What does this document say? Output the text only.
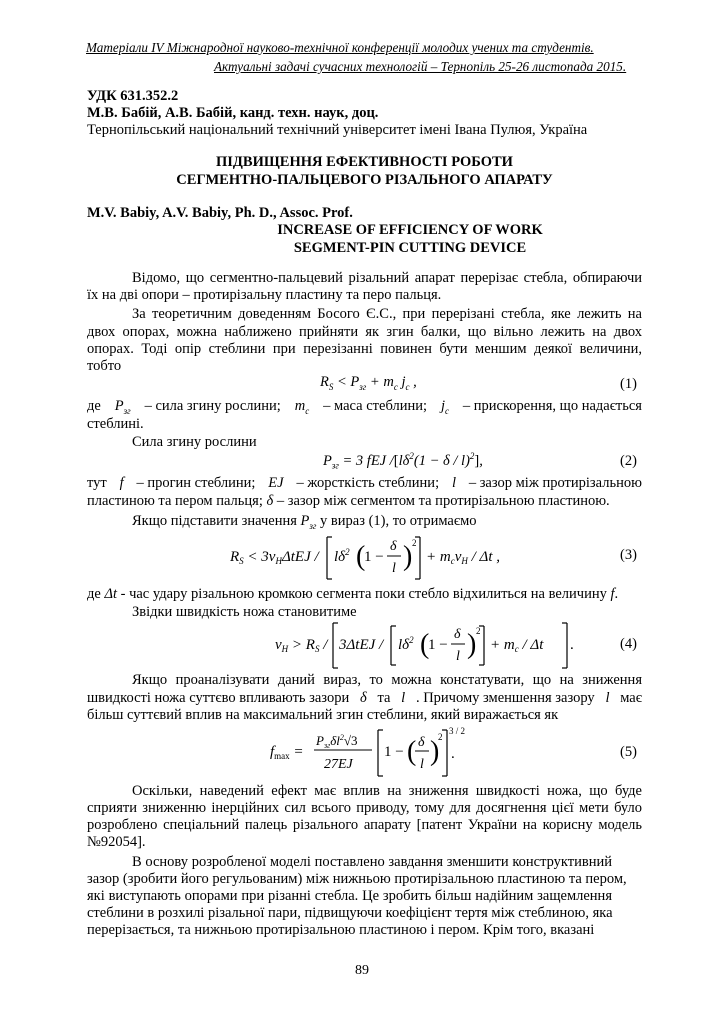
Матеріали IV Міжнародної науково-технічної конференції молодих учених та студентів.
Актуальні задачі сучасних технологій – Тернопіль 25-26 листопада 2015.
УДК 631.352.2
М.В. Бабій, А.В. Бабій, канд. техн. наук, доц.
Тернопільський національний технічний університет імені Івана Пулюя, Україна
ПІДВИЩЕННЯ ЕФЕКТИВНОСТІ РОБОТИ
СЕГМЕНТНО-ПАЛЬЦЕВОГО РІЗАЛЬНОГО АПАРАТУ
M.V. Babiy, A.V. Babiy, Ph. D., Assoc. Prof.
INCREASE OF EFFICIENCY OF WORK
SEGMENT-PIN CUTTING DEVICE
Відомо, що сегментно-пальцевий різальний апарат перерізає стебла, обпираючи
їх на дві опори – протирізальну пластину та перо пальця.
За теоретичним доведенням Босого Є.С., при перерізані стебла, яке лежить на
двох опорах, можна наближено прийняти як згин балки, що вільно лежить на двох
опорах. Тоді опір стеблини при перезізанні повинен бути меншим деякої величини,
тобто
$R_S < P_{зг} + m_c$ $j_c$ ,	(1)
де $P_{зг}$ – сила згину рослини; $m_c$ – маса стеблини; $j_c$ – прискорення, що надається
стеблині.
Сила згину рослини
$P_{зг} = 3$ fEJ $/[l\delta^2(1 - \delta / l)^2]$,	(2)
тут f – прогин стеблини; EJ – жорсткість стеблини; l – зазор між протирізальною
пластиною та пером пальця; δ – зазор між сегментом та протирізальною пластиною.
Якщо підставити значення $P_{зг}$ у вираз (1), то отримаємо
$R_S < 3v_H\Delta tEJ / l\delta^2$ (
1 −
δ
l ) 2
+ $m_cv_H$ / Δt ,	(3)
де Δt - час удару різальною кромкою сегмента поки стебло відхилиться на величину f.
Звідки швидкість ножа становитиме
$v_H > R_S / 3\Delta tEJ / l\delta^2$ (
1 −
δ
l ) 2
+ $m_c$ / Δt .	(4)
Якщо проаналізувати даний вираз, то можна констатувати, що на зниження
швидкості ножа суттєво впливають зазори δ та l . Причому зменшення зазору l має
більш суттєвий вплив на максимальний згин стеблини, який виражається як
$f_{max}$ =
$P_{зг}\delta l^2√3$
27EJ
1 − ( δ
l )
2
3 / 2
.	(5)
Оскільки, наведений ефект має вплив на зниження швидкості ножа, що буде
сприяти зниженню інерційних сил всього приводу, тому для досягнення цієї мети було
розроблено спеціальний палець різального апарату [патент України на корисну модель
№92054].
В основу розробленої моделі поставлено завдання зменшити конструктивний
зазор (зробити його регульованим) між нижньою протирізальною пластиною та пером,
які виступають опорами при різанні стебла. Це зробить більш надійним защемлення
стеблини в розхилі різальної пари, підвищуючи коефіцієнт тертя між стеблиною, яка
перерізається, та нижньою протирізальною пластиною і пером. Крім того, вказані
89
